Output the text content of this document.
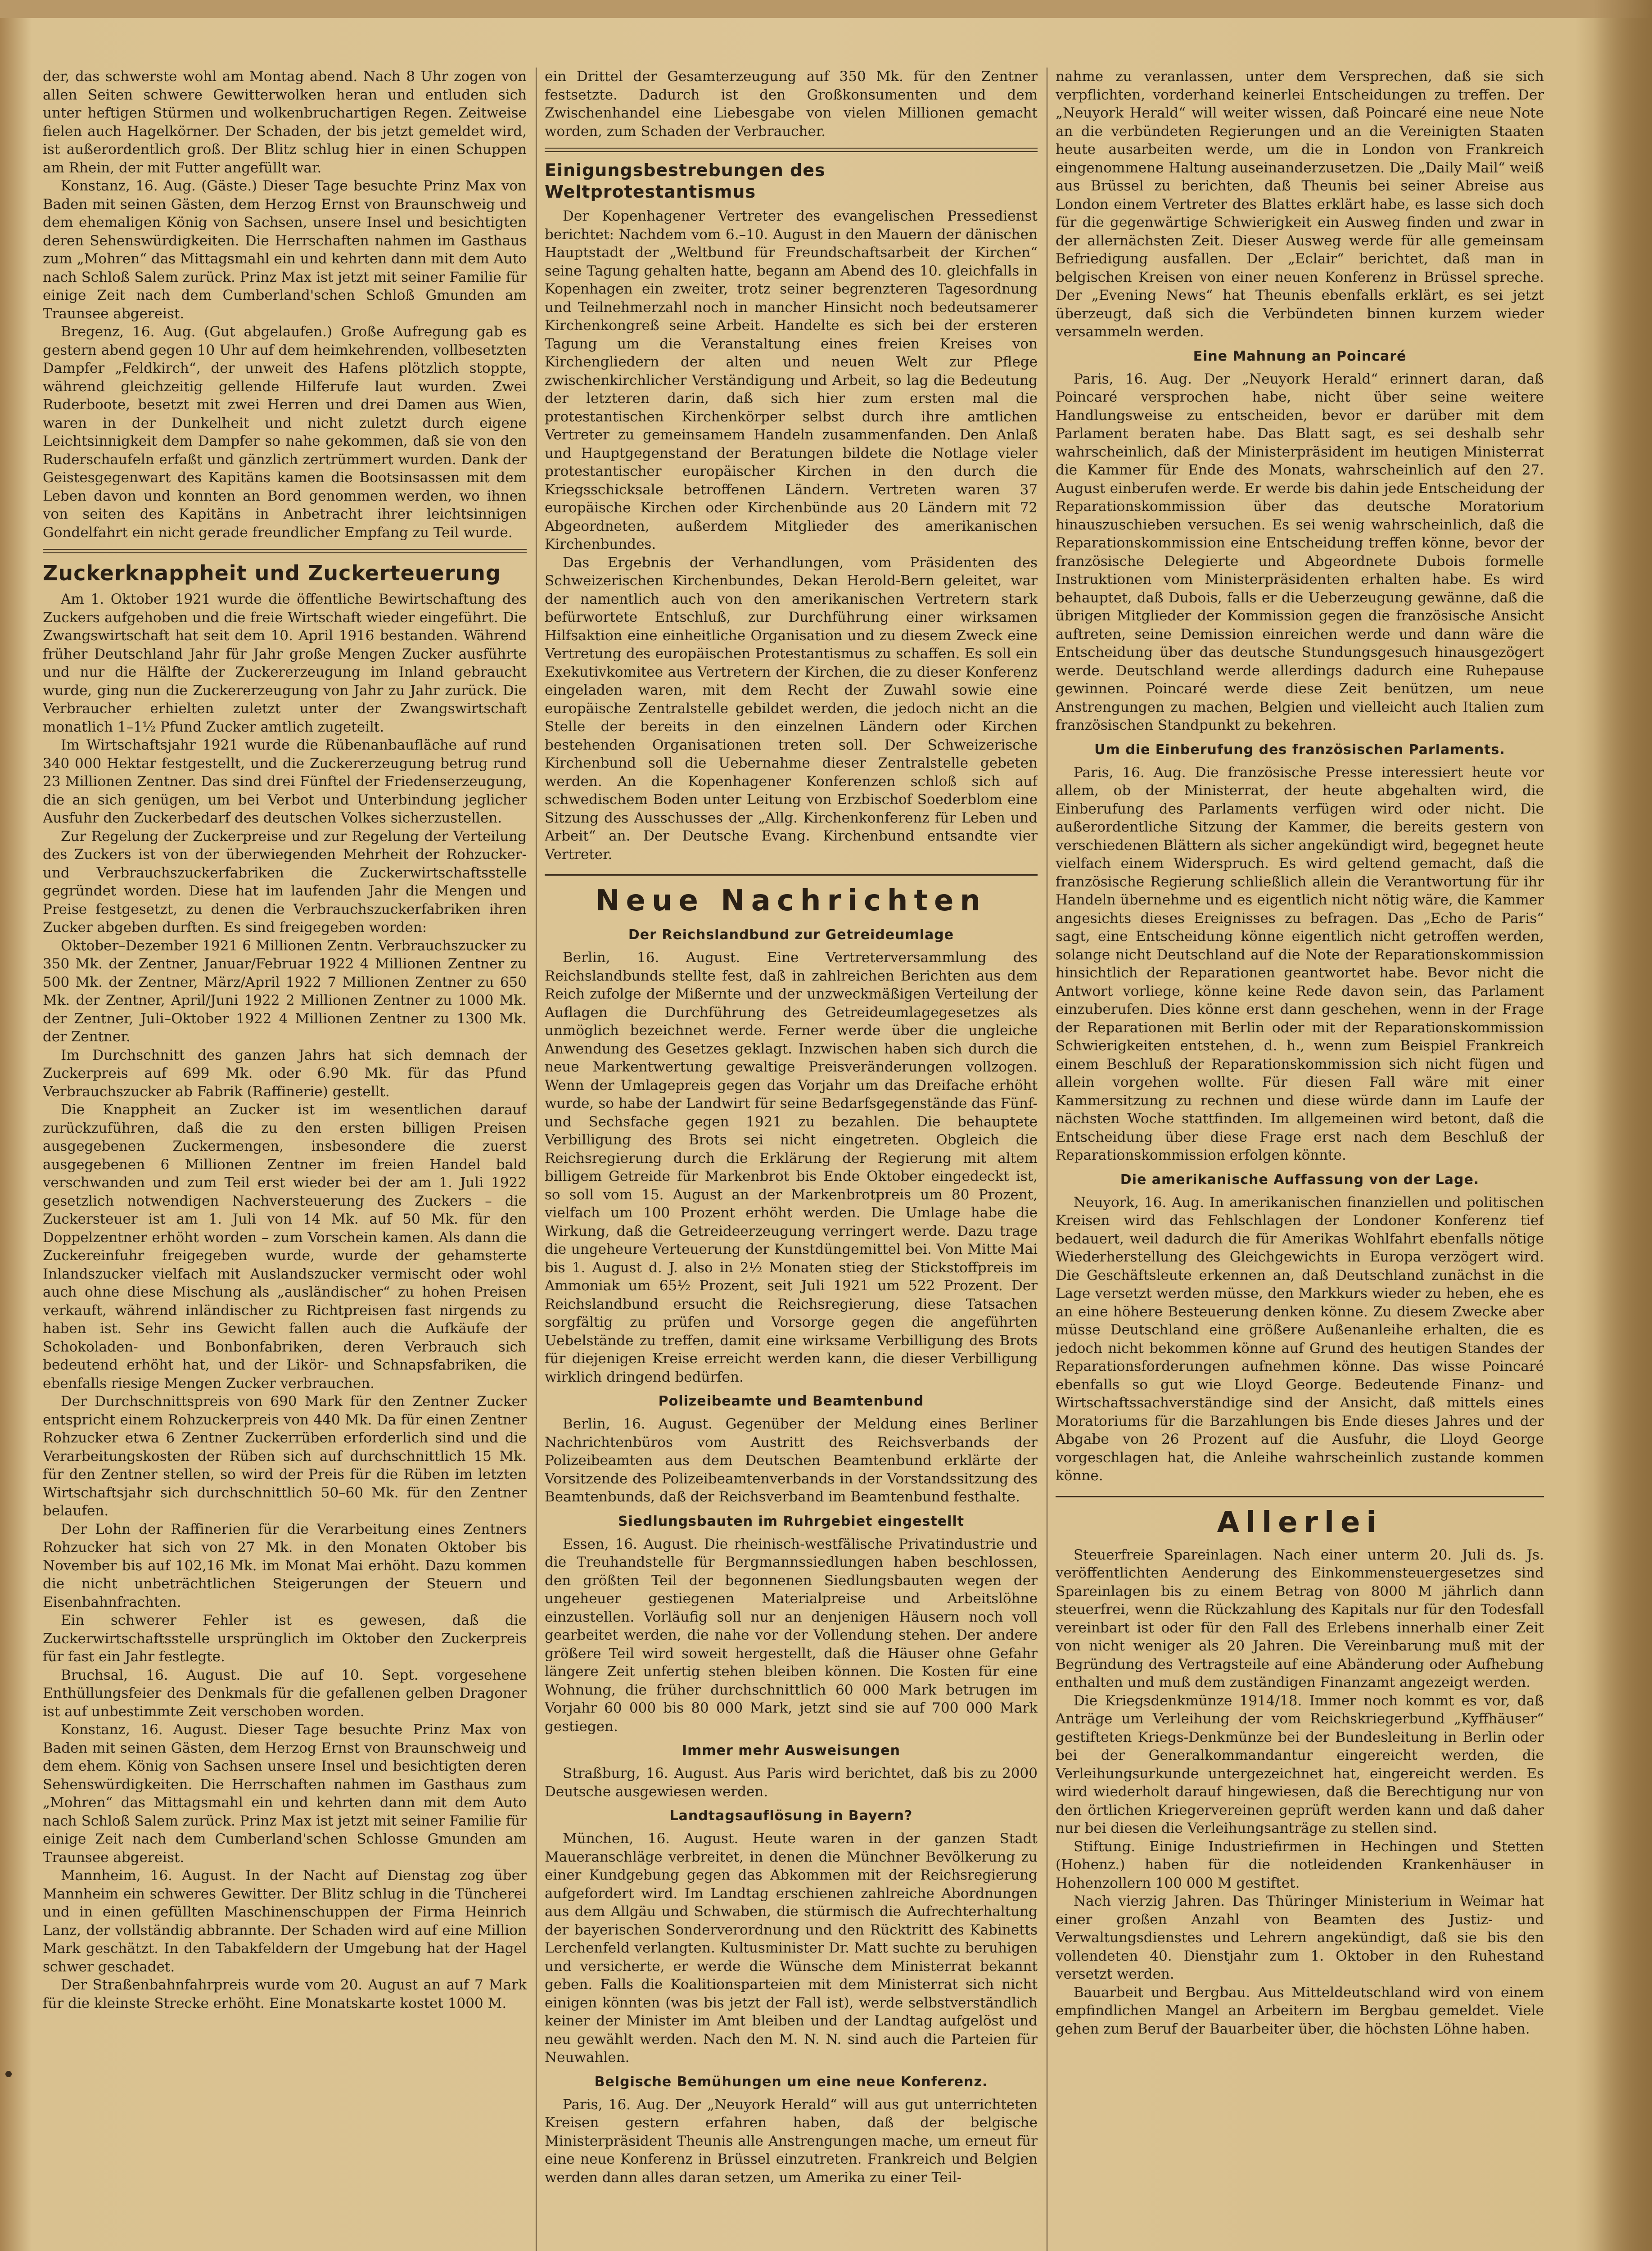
der, das schwerste wohl am Montag abend. Nach 8 Uhr zogen von allen Seiten schwere Gewitterwolken heran und entluden sich unter heftigen Stürmen und wolkenbruchartigen Regen. Zeitweise fielen auch Hagelkörner. Der Schaden, der bis jetzt gemeldet wird, ist außerordentlich groß. Der Blitz schlug hier in einen Schuppen am Rhein, der mit Futter angefüllt war.

Konstanz, 16. Aug. (Gäste.) Dieser Tage besuchte Prinz Max von Baden mit seinen Gästen, dem Herzog Ernst von Braunschweig und dem ehemaligen König von Sachsen, unsere Insel und besichtigten deren Sehenswürdigkeiten. Die Herrschaften nahmen im Gasthaus zum „Mohren“ das Mittagsmahl ein und kehrten dann mit dem Auto nach Schloß Salem zurück. Prinz Max ist jetzt mit seiner Familie für einige Zeit nach dem Cumberland'schen Schloß Gmunden am Traunsee abgereist.

Bregenz, 16. Aug. (Gut abgelaufen.) Große Aufregung gab es gestern abend gegen 10 Uhr auf dem heimkehrenden, vollbesetzten Dampfer „Feldkirch“, der unweit des Hafens plötzlich stoppte, während gleichzeitig gellende Hilferufe laut wurden. Zwei Ruderboote, besetzt mit zwei Herren und drei Damen aus Wien, waren in der Dunkelheit und nicht zuletzt durch eigene Leichtsinnigkeit dem Dampfer so nahe gekommen, daß sie von den Ruderschaufeln erfaßt und gänzlich zertrümmert wurden. Dank der Geistesgegenwart des Kapitäns kamen die Bootsinsassen mit dem Leben davon und konnten an Bord genommen werden, wo ihnen von seiten des Kapitäns in Anbetracht ihrer leichtsinnigen Gondelfahrt ein nicht gerade freundlicher Empfang zu Teil wurde.

Zuckerknappheit und Zuckerteuerung

Am 1. Oktober 1921 wurde die öffentliche Bewirtschaftung des Zuckers aufgehoben und die freie Wirtschaft wieder eingeführt. Die Zwangswirtschaft hat seit dem 10. April 1916 bestanden. Während früher Deutschland Jahr für Jahr große Mengen Zucker ausführte und nur die Hälfte der Zuckererzeugung im Inland gebraucht wurde, ging nun die Zuckererzeugung von Jahr zu Jahr zurück. Die Verbraucher erhielten zuletzt unter der Zwangswirtschaft monatlich 1–1½ Pfund Zucker amtlich zugeteilt.

Im Wirtschaftsjahr 1921 wurde die Rübenanbaufläche auf rund 340 000 Hektar festgestellt, und die Zuckererzeugung betrug rund 23 Millionen Zentner. Das sind drei Fünftel der Friedenserzeugung, die an sich genügen, um bei Verbot und Unterbindung jeglicher Ausfuhr den Zuckerbedarf des deutschen Volkes sicherzustellen.

Zur Regelung der Zuckerpreise und zur Regelung der Verteilung des Zuckers ist von der überwiegenden Mehrheit der Rohzucker- und Verbrauchszuckerfabriken die Zuckerwirtschaftsstelle gegründet worden. Diese hat im laufenden Jahr die Mengen und Preise festgesetzt, zu denen die Verbrauchszuckerfabriken ihren Zucker abgeben durften. Es sind freigegeben worden:

Oktober–Dezember 1921 6 Millionen Zentn. Verbrauchszucker zu 350 Mk. der Zentner, Januar/Februar 1922 4 Millionen Zentner zu 500 Mk. der Zentner, März/April 1922 7 Millionen Zentner zu 650 Mk. der Zentner, April/Juni 1922 2 Millionen Zentner zu 1000 Mk. der Zentner, Juli–Oktober 1922 4 Millionen Zentner zu 1300 Mk. der Zentner.

Im Durchschnitt des ganzen Jahrs hat sich demnach der Zuckerpreis auf 699 Mk. oder 6.90 Mk. für das Pfund Verbrauchszucker ab Fabrik (Raffinerie) gestellt.

Die Knappheit an Zucker ist im wesentlichen darauf zurückzuführen, daß die zu den ersten billigen Preisen ausgegebenen Zuckermengen, insbesondere die zuerst ausgegebenen 6 Millionen Zentner im freien Handel bald verschwanden und zum Teil erst wieder bei der am 1. Juli 1922 gesetzlich notwendigen Nachversteuerung des Zuckers – die Zuckersteuer ist am 1. Juli von 14 Mk. auf 50 Mk. für den Doppelzentner erhöht worden – zum Vorschein kamen. Als dann die Zuckereinfuhr freigegeben wurde, wurde der gehamsterte Inlandszucker vielfach mit Auslandszucker vermischt oder wohl auch ohne diese Mischung als „ausländischer“ zu hohen Preisen verkauft, während inländischer zu Richtpreisen fast nirgends zu haben ist. Sehr ins Gewicht fallen auch die Aufkäufe der Schokoladen- und Bonbonfabriken, deren Verbrauch sich bedeutend erhöht hat, und der Likör- und Schnapsfabriken, die ebenfalls riesige Mengen Zucker verbrauchen.

Der Durchschnittspreis von 690 Mark für den Zentner Zucker entspricht einem Rohzuckerpreis von 440 Mk. Da für einen Zentner Rohzucker etwa 6 Zentner Zuckerrüben erforderlich sind und die Verarbeitungskosten der Rüben sich auf durchschnittlich 15 Mk. für den Zentner stellen, so wird der Preis für die Rüben im letzten Wirtschaftsjahr sich durchschnittlich 50–60 Mk. für den Zentner belaufen.

Der Lohn der Raffinerien für die Verarbeitung eines Zentners Rohzucker hat sich von 27 Mk. in den Monaten Oktober bis November bis auf 102,16 Mk. im Monat Mai erhöht. Dazu kommen die nicht unbeträchtlichen Steigerungen der Steuern und Eisenbahnfrachten.

Ein schwerer Fehler ist es gewesen, daß die Zuckerwirtschaftsstelle ursprünglich im Oktober den Zuckerpreis für fast ein Jahr festlegte.

Bruchsal, 16. August. Die auf 10. Sept. vorgesehene Enthüllungsfeier des Denkmals für die gefallenen gelben Dragoner ist auf unbestimmte Zeit verschoben worden.

Konstanz, 16. August. Dieser Tage besuchte Prinz Max von Baden mit seinen Gästen, dem Herzog Ernst von Braunschweig und dem ehem. König von Sachsen unsere Insel und besichtigten deren Sehenswürdigkeiten. Die Herrschaften nahmen im Gasthaus zum „Mohren“ das Mittagsmahl ein und kehrten dann mit dem Auto nach Schloß Salem zurück. Prinz Max ist jetzt mit seiner Familie für einige Zeit nach dem Cumberland'schen Schlosse Gmunden am Traunsee abgereist.

Mannheim, 16. August. In der Nacht auf Dienstag zog über Mannheim ein schweres Gewitter. Der Blitz schlug in die Tüncherei und in einen gefüllten Maschinenschuppen der Firma Heinrich Lanz, der vollständig abbrannte. Der Schaden wird auf eine Million Mark geschätzt. In den Tabakfeldern der Umgebung hat der Hagel schwer geschadet.

Der Straßenbahnfahrpreis wurde vom 20. August an auf 7 Mark für die kleinste Strecke erhöht. Eine Monatskarte kostet 1000 M.

ein Drittel der Gesamterzeugung auf 350 Mk. für den Zentner festsetzte. Dadurch ist den Großkonsumenten und dem Zwischenhandel eine Liebesgabe von vielen Millionen gemacht worden, zum Schaden der Verbraucher.

Einigungsbestrebungen des Weltprotestantismus

Der Kopenhagener Vertreter des evangelischen Pressedienst berichtet: Nachdem vom 6.–10. August in den Mauern der dänischen Hauptstadt der „Weltbund für Freundschaftsarbeit der Kirchen“ seine Tagung gehalten hatte, begann am Abend des 10. gleichfalls in Kopenhagen ein zweiter, trotz seiner begrenzteren Tagesordnung und Teilnehmerzahl noch in mancher Hinsicht noch bedeutsamerer Kirchenkongreß seine Arbeit. Handelte es sich bei der ersteren Tagung um die Veranstaltung eines freien Kreises von Kirchengliedern der alten und neuen Welt zur Pflege zwischenkirchlicher Verständigung und Arbeit, so lag die Bedeutung der letzteren darin, daß sich hier zum ersten mal die protestantischen Kirchenkörper selbst durch ihre amtlichen Vertreter zu gemeinsamem Handeln zusammenfanden. Den Anlaß und Hauptgegenstand der Beratungen bildete die Notlage vieler protestantischer europäischer Kirchen in den durch die Kriegsschicksale betroffenen Ländern. Vertreten waren 37 europäische Kirchen oder Kirchenbünde aus 20 Ländern mit 72 Abgeordneten, außerdem Mitglieder des amerikanischen Kirchenbundes.

Das Ergebnis der Verhandlungen, vom Präsidenten des Schweizerischen Kirchenbundes, Dekan Herold-Bern geleitet, war der namentlich auch von den amerikanischen Vertretern stark befürwortete Entschluß, zur Durchführung einer wirksamen Hilfsaktion eine einheitliche Organisation und zu diesem Zweck eine Vertretung des europäischen Protestantismus zu schaffen. Es soll ein Exekutivkomitee aus Vertretern der Kirchen, die zu dieser Konferenz eingeladen waren, mit dem Recht der Zuwahl sowie eine europäische Zentralstelle gebildet werden, die jedoch nicht an die Stelle der bereits in den einzelnen Ländern oder Kirchen bestehenden Organisationen treten soll. Der Schweizerische Kirchenbund soll die Uebernahme dieser Zentralstelle gebeten werden. An die Kopenhagener Konferenzen schloß sich auf schwedischem Boden unter Leitung von Erzbischof Soederblom eine Sitzung des Ausschusses der „Allg. Kirchenkonferenz für Leben und Arbeit“ an. Der Deutsche Evang. Kirchenbund entsandte vier Vertreter.

Neue Nachrichten
Der Reichslandbund zur Getreideumlage

Berlin, 16. August. Eine Vertreterversammlung des Reichslandbunds stellte fest, daß in zahlreichen Berichten aus dem Reich zufolge der Mißernte und der unzweckmäßigen Verteilung der Auflagen die Durchführung des Getreideumlagegesetzes als unmöglich bezeichnet werde. Ferner werde über die ungleiche Anwendung des Gesetzes geklagt. Inzwischen haben sich durch die neue Markentwertung gewaltige Preisveränderungen vollzogen. Wenn der Umlagepreis gegen das Vorjahr um das Dreifache erhöht wurde, so habe der Landwirt für seine Bedarfsgegenstände das Fünf- und Sechsfache gegen 1921 zu bezahlen. Die behauptete Verbilligung des Brots sei nicht eingetreten. Obgleich die Reichsregierung durch die Erklärung der Regierung mit altem billigem Getreide für Markenbrot bis Ende Oktober eingedeckt ist, so soll vom 15. August an der Markenbrotpreis um 80 Prozent, vielfach um 100 Prozent erhöht werden. Die Umlage habe die Wirkung, daß die Getreideerzeugung verringert werde. Dazu trage die ungeheure Verteuerung der Kunstdüngemittel bei. Von Mitte Mai bis 1. August d. J. also in 2½ Monaten stieg der Stickstoffpreis im Ammoniak um 65½ Prozent, seit Juli 1921 um 522 Prozent. Der Reichslandbund ersucht die Reichsregierung, diese Tatsachen sorgfältig zu prüfen und Vorsorge gegen die angeführten Uebelstände zu treffen, damit eine wirksame Verbilligung des Brots für diejenigen Kreise erreicht werden kann, die dieser Verbilligung wirklich dringend bedürfen.

Polizeibeamte und Beamtenbund

Berlin, 16. August. Gegenüber der Meldung eines Berliner Nachrichtenbüros vom Austritt des Reichsverbands der Polizeibeamten aus dem Deutschen Beamtenbund erklärte der Vorsitzende des Polizeibeamtenverbands in der Vorstandssitzung des Beamtenbunds, daß der Reichsverband im Beamtenbund festhalte.

Siedlungsbauten im Ruhrgebiet eingestellt

Essen, 16. August. Die rheinisch-westfälische Privatindustrie und die Treuhandstelle für Bergmannssiedlungen haben beschlossen, den größten Teil der begonnenen Siedlungsbauten wegen der ungeheuer gestiegenen Materialpreise und Arbeitslöhne einzustellen. Vorläufig soll nur an denjenigen Häusern noch voll gearbeitet werden, die nahe vor der Vollendung stehen. Der andere größere Teil wird soweit hergestellt, daß die Häuser ohne Gefahr längere Zeit unfertig stehen bleiben können. Die Kosten für eine Wohnung, die früher durchschnittlich 60 000 Mark betrugen im Vorjahr 60 000 bis 80 000 Mark, jetzt sind sie auf 700 000 Mark gestiegen.

Immer mehr Ausweisungen

Straßburg, 16. August. Aus Paris wird berichtet, daß bis zu 2000 Deutsche ausgewiesen werden.

Landtagsauflösung in Bayern?

München, 16. August. Heute waren in der ganzen Stadt Maueranschläge verbreitet, in denen die Münchner Bevölkerung zu einer Kundgebung gegen das Abkommen mit der Reichsregierung aufgefordert wird. Im Landtag erschienen zahlreiche Abordnungen aus dem Allgäu und Schwaben, die stürmisch die Aufrechterhaltung der bayerischen Sonderverordnung und den Rücktritt des Kabinetts Lerchenfeld verlangten. Kultusminister Dr. Matt suchte zu beruhigen und versicherte, er werde die Wünsche dem Ministerrat bekannt geben. Falls die Koalitionsparteien mit dem Ministerrat sich nicht einigen könnten (was bis jetzt der Fall ist), werde selbstverständlich keiner der Minister im Amt bleiben und der Landtag aufgelöst und neu gewählt werden. Nach den M. N. N. sind auch die Parteien für Neuwahlen.

Belgische Bemühungen um eine neue Konferenz.

Paris, 16. Aug. Der „Neuyork Herald“ will aus gut unterrichteten Kreisen gestern erfahren haben, daß der belgische Ministerpräsident Theunis alle Anstrengungen mache, um erneut für eine neue Konferenz in Brüssel einzutreten. Frankreich und Belgien werden dann alles daran setzen, um Amerika zu einer Teil-

nahme zu veranlassen, unter dem Versprechen, daß sie sich verpflichten, vorderhand keinerlei Entscheidungen zu treffen. Der „Neuyork Herald“ will weiter wissen, daß Poincaré eine neue Note an die verbündeten Regierungen und an die Vereinigten Staaten heute ausarbeiten werde, um die in London von Frankreich eingenommene Haltung auseinanderzusetzen. Die „Daily Mail“ weiß aus Brüssel zu berichten, daß Theunis bei seiner Abreise aus London einem Vertreter des Blattes erklärt habe, es lasse sich doch für die gegenwärtige Schwierigkeit ein Ausweg finden und zwar in der allernächsten Zeit. Dieser Ausweg werde für alle gemeinsam Befriedigung ausfallen. Der „Eclair“ berichtet, daß man in belgischen Kreisen von einer neuen Konferenz in Brüssel spreche. Der „Evening News“ hat Theunis ebenfalls erklärt, es sei jetzt überzeugt, daß sich die Verbündeten binnen kurzem wieder versammeln werden.

Eine Mahnung an Poincaré

Paris, 16. Aug. Der „Neuyork Herald“ erinnert daran, daß Poincaré versprochen habe, nicht über seine weitere Handlungsweise zu entscheiden, bevor er darüber mit dem Parlament beraten habe. Das Blatt sagt, es sei deshalb sehr wahrscheinlich, daß der Ministerpräsident im heutigen Ministerrat die Kammer für Ende des Monats, wahrscheinlich auf den 27. August einberufen werde. Er werde bis dahin jede Entscheidung der Reparationskommission über das deutsche Moratorium hinauszuschieben versuchen. Es sei wenig wahrscheinlich, daß die Reparationskommission eine Entscheidung treffen könne, bevor der französische Delegierte und Abgeordnete Dubois formelle Instruktionen vom Ministerpräsidenten erhalten habe. Es wird behauptet, daß Dubois, falls er die Ueberzeugung gewänne, daß die übrigen Mitglieder der Kommission gegen die französische Ansicht auftreten, seine Demission einreichen werde und dann wäre die Entscheidung über das deutsche Stundungsgesuch hinausgezögert werde. Deutschland werde allerdings dadurch eine Ruhepause gewinnen. Poincaré werde diese Zeit benützen, um neue Anstrengungen zu machen, Belgien und vielleicht auch Italien zum französischen Standpunkt zu bekehren.

Um die Einberufung des französischen Parlaments.

Paris, 16. Aug. Die französische Presse interessiert heute vor allem, ob der Ministerrat, der heute abgehalten wird, die Einberufung des Parlaments verfügen wird oder nicht. Die außerordentliche Sitzung der Kammer, die bereits gestern von verschiedenen Blättern als sicher angekündigt wird, begegnet heute vielfach einem Widerspruch. Es wird geltend gemacht, daß die französische Regierung schließlich allein die Verantwortung für ihr Handeln übernehme und es eigentlich nicht nötig wäre, die Kammer angesichts dieses Ereignisses zu befragen. Das „Echo de Paris“ sagt, eine Entscheidung könne eigentlich nicht getroffen werden, solange nicht Deutschland auf die Note der Reparationskommission hinsichtlich der Reparationen geantwortet habe. Bevor nicht die Antwort vorliege, könne keine Rede davon sein, das Parlament einzuberufen. Dies könne erst dann geschehen, wenn in der Frage der Reparationen mit Berlin oder mit der Reparationskommission Schwierigkeiten entstehen, d. h., wenn zum Beispiel Frankreich einem Beschluß der Reparationskommission sich nicht fügen und allein vorgehen wollte. Für diesen Fall wäre mit einer Kammersitzung zu rechnen und diese würde dann im Laufe der nächsten Woche stattfinden. Im allgemeinen wird betont, daß die Entscheidung über diese Frage erst nach dem Beschluß der Reparationskommission erfolgen könnte.

Die amerikanische Auffassung von der Lage.

Neuyork, 16. Aug. In amerikanischen finanziellen und politischen Kreisen wird das Fehlschlagen der Londoner Konferenz tief bedauert, weil dadurch die für Amerikas Wohlfahrt ebenfalls nötige Wiederherstellung des Gleichgewichts in Europa verzögert wird. Die Geschäftsleute erkennen an, daß Deutschland zunächst in die Lage versetzt werden müsse, den Markkurs wieder zu heben, ehe es an eine höhere Besteuerung denken könne. Zu diesem Zwecke aber müsse Deutschland eine größere Außenanleihe erhalten, die es jedoch nicht bekommen könne auf Grund des heutigen Standes der Reparationsforderungen aufnehmen könne. Das wisse Poincaré ebenfalls so gut wie Lloyd George. Bedeutende Finanz- und Wirtschaftssachverständige sind der Ansicht, daß mittels eines Moratoriums für die Barzahlungen bis Ende dieses Jahres und der Abgabe von 26 Prozent auf die Ausfuhr, die Lloyd George vorgeschlagen hat, die Anleihe wahrscheinlich zustande kommen könne.

Allerlei

Steuerfreie Spareinlagen. Nach einer unterm 20. Juli ds. Js. veröffentlichten Aenderung des Einkommensteuergesetzes sind Spareinlagen bis zu einem Betrag von 8000 M jährlich dann steuerfrei, wenn die Rückzahlung des Kapitals nur für den Todesfall vereinbart ist oder für den Fall des Erlebens innerhalb einer Zeit von nicht weniger als 20 Jahren. Die Vereinbarung muß mit der Begründung des Vertragsteile auf eine Abänderung oder Aufhebung enthalten und muß dem zuständigen Finanzamt angezeigt werden.

Die Kriegsdenkmünze 1914/18. Immer noch kommt es vor, daß Anträge um Verleihung der vom Reichskriegerbund „Kyffhäuser“ gestifteten Kriegs-Denkmünze bei der Bundesleitung in Berlin oder bei der Generalkommandantur eingereicht werden, die Verleihungsurkunde untergezeichnet hat, eingereicht werden. Es wird wiederholt darauf hingewiesen, daß die Berechtigung nur von den örtlichen Kriegervereinen geprüft werden kann und daß daher nur bei diesen die Verleihungsanträge zu stellen sind.

Stiftung. Einige Industriefirmen in Hechingen und Stetten (Hohenz.) haben für die notleidenden Krankenhäuser in Hohenzollern 100 000 M gestiftet.

Nach vierzig Jahren. Das Thüringer Ministerium in Weimar hat einer großen Anzahl von Beamten des Justiz- und Verwaltungsdienstes und Lehrern angekündigt, daß sie bis den vollendeten 40. Dienstjahr zum 1. Oktober in den Ruhestand versetzt werden.

Bauarbeit und Bergbau. Aus Mitteldeutschland wird von einem empfindlichen Mangel an Arbeitern im Bergbau gemeldet. Viele gehen zum Beruf der Bauarbeiter über, die höchsten Löhne haben.
